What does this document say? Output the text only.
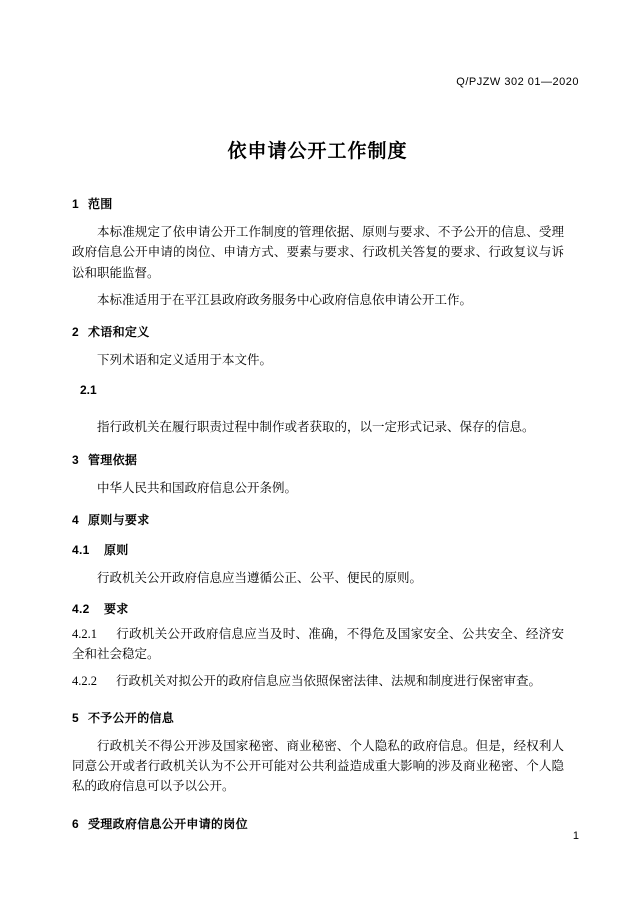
Q/PJZW 302 01—2020
依申请公开工作制度
1 范围

本标准规定了依申请公开工作制度的管理依据、原则与要求、不予公开的信息、受理政府信息公开申请的岗位、申请方式、要素与要求、行政机关答复的要求、行政复议与诉讼和职能监督。

本标准适用于在平江县政府政务服务中心政府信息依申请公开工作。

2 术语和定义

下列术语和定义适用于本文件。

2.1

指行政机关在履行职责过程中制作或者获取的，以一定形式记录、保存的信息。

3 管理依据

中华人民共和国政府信息公开条例。

4 原则与要求
4.1 原则

行政机关公开政府信息应当遵循公正、公平、便民的原则。

4.2 要求

4.2.1 行政机关公开政府信息应当及时、准确，不得危及国家安全、公共安全、经济安全和社会稳定。

4.2.2 行政机关对拟公开的政府信息应当依照保密法律、法规和制度进行保密审查。

5 不予公开的信息

行政机关不得公开涉及国家秘密、商业秘密、个人隐私的政府信息。但是，经权利人同意公开或者行政机关认为不公开可能对公共利益造成重大影响的涉及商业秘密、个人隐私的政府信息可以予以公开。

6 受理政府信息公开申请的岗位
1
